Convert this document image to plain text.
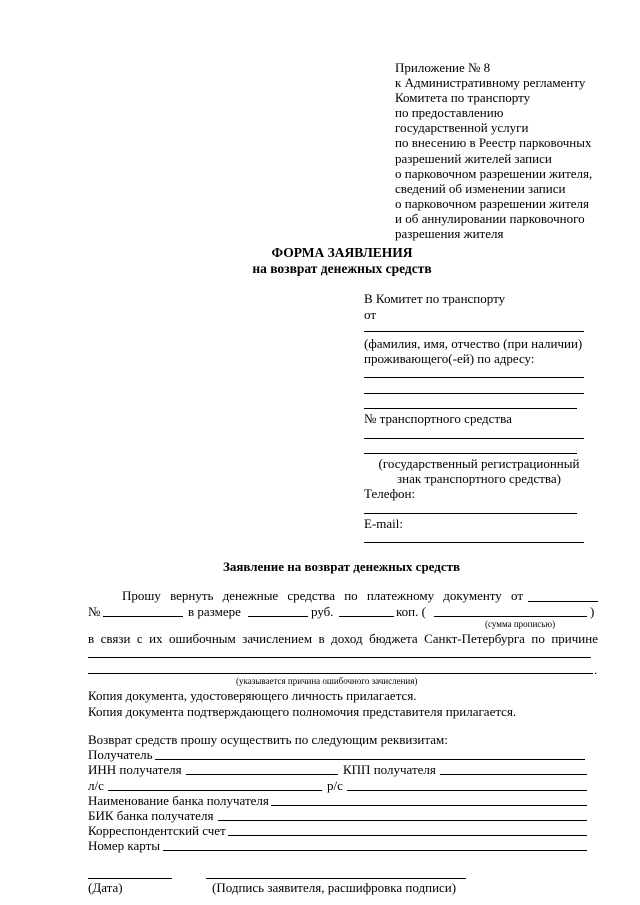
Приложение № 8
к Административному регламенту
Комитета по транспорту
по предоставлению
государственной услуги
по внесению в Реестр парковочных
разрешений жителей записи
о парковочном разрешении жителя,
сведений об изменении записи
о парковочном разрешении жителя
и об аннулировании парковочного
разрешения жителя
ФОРМА ЗАЯВЛЕНИЯ
на возврат денежных средств
В Комитет по транспорту
от
(фамилия, имя, отчество (при наличии)
проживающего(-ей) по адресу:
№ транспортного средства
(государственный регистрационный
знак транспортного средства)
Телефон:
E-mail:
Заявление на возврат денежных средств
Прошу вернуть денежные средства по платежному документу от
№	в размере	руб.	коп. (	)
(сумма прописью)
в связи с их ошибочным зачислением в доход бюджета Санкт-Петербурга по причине
.
(указывается причина ошибочного зачисления)
Копия документа, удостоверяющего личность прилагается.
Копия документа подтверждающего полномочия представителя прилагается.
Возврат средств прошу осуществить по следующим реквизитам:
Получатель
ИНН получателя	КПП получателя
л/с	р/с
Наименование банка получателя
БИК банка получателя
Корреспондентский счет
Номер карты
(Дата)	(Подпись заявителя, расшифровка подписи)
